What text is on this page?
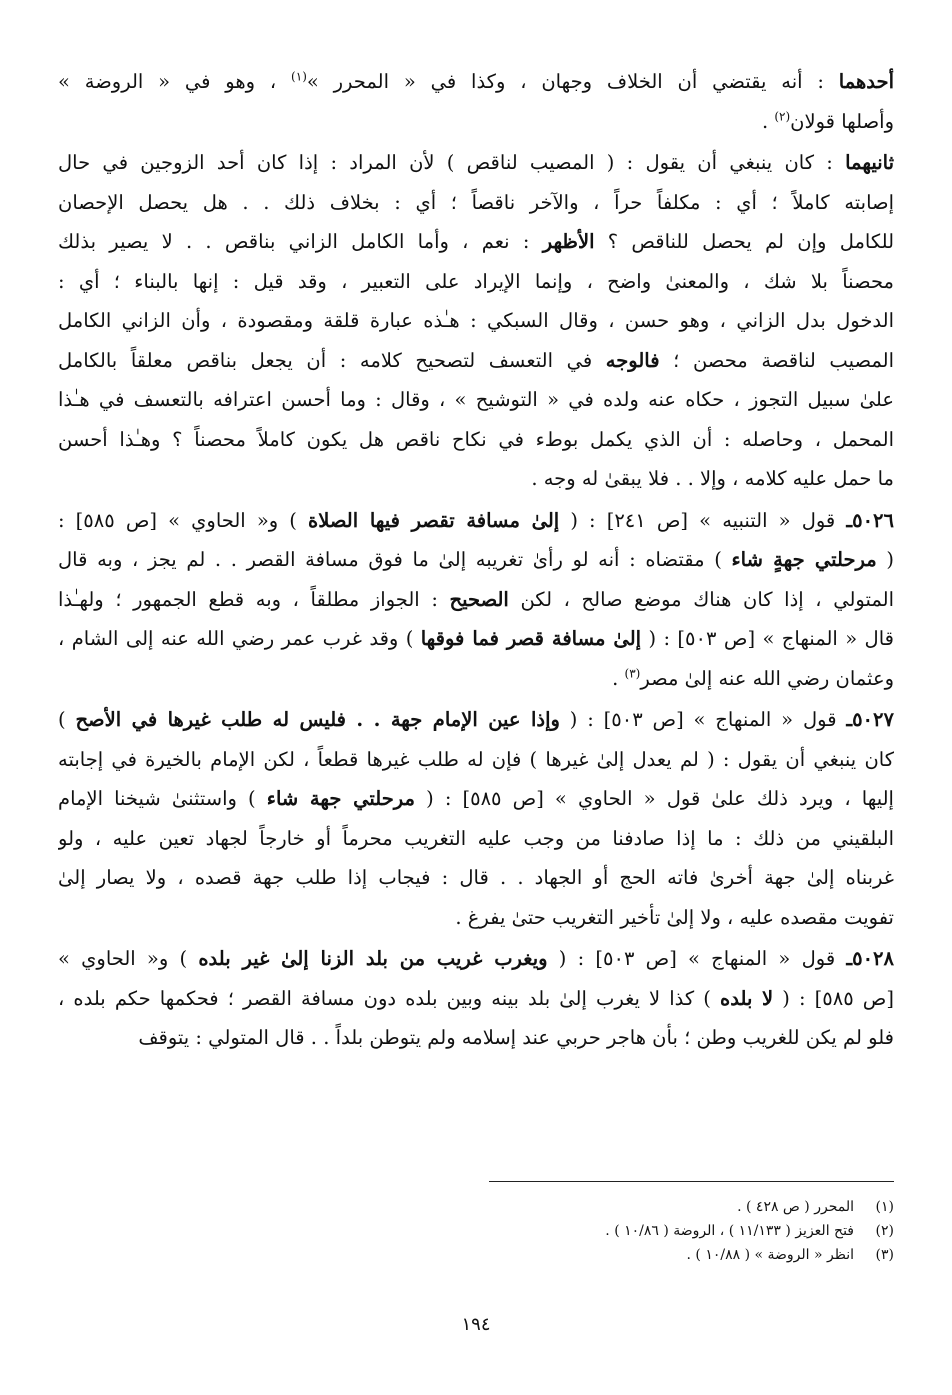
أحدهما : أنه يقتضي أن الخلاف وجهان ، وكذا في « المحرر »$^{(١)}$ ، وهو في « الروضة »
وأصلها قولان$^{(٢)}$ .
ثانيهما : كان ينبغي أن يقول : ( المصيب لناقص ) لأن المراد : إذا كان أحد الزوجين في حال
إصابته كاملاً ؛ أي : مكلفاً حراً ، والآخر ناقصاً ؛ أي : بخلاف ذلك . . هل يحصل الإحصان
للكامل وإن لم يحصل للناقص ؟ الأظهر : نعم ، وأما الكامل الزاني بناقص . . لا يصير بذلك
محصناً بلا شك ، والمعنىٰ واضح ، وإنما الإيراد على التعبير ، وقد قيل : إنها بالبناء ؛ أي :
الدخول بدل الزاني ، وهو حسن ، وقال السبكي : هـٰذه عبارة قلقة ومقصودة ، وأن الزاني الكامل
المصيب لناقصة محصن ؛ فالوجه في التعسف لتصحيح كلامه : أن يجعل بناقص معلقاً بالكامل
علىٰ سبيل التجوز ، حكاه عنه ولده في « التوشيح » ، وقال : وما أحسن اعترافه بالتعسف في هـٰذا
المحمل ، وحاصله : أن الذي يكمل بوطء في نكاح ناقص هل يكون كاملاً محصناً ؟ وهـٰذا أحسن
ما حمل عليه كلامه ، وإلا . . فلا يبقىٰ له وجه .
٥٠٢٦ـ قول « التنبيه » [ص ٢٤١] : ( إلىٰ مسافة تقصر فيها الصلاة ) و« الحاوي » [ص ٥٨٥] :
( مرحلتي جهةٍ شاء ) مقتضاه : أنه لو رأىٰ تغريبه إلىٰ ما فوق مسافة القصر . . لم يجز ، وبه قال
المتولي ، إذا كان هناك موضع صالح ، لكن الصحيح : الجواز مطلقاً ، وبه قطع الجمهور ؛ ولهـٰذا
قال « المنهاج » [ص ٥٠٣] : ( إلىٰ مسافة قصر فما فوقها ) وقد غرب عمر رضي الله عنه إلى الشام ،
وعثمان رضي الله عنه إلىٰ مصر$^{(٣)}$ .
٥٠٢٧ـ قول « المنهاج » [ص ٥٠٣] : ( وإذا عين الإمام جهة . . فليس له طلب غيرها في الأصح )
كان ينبغي أن يقول : ( لم يعدل إلىٰ غيرها ) فإن له طلب غيرها قطعاً ، لكن الإمام بالخيرة في إجابته
إليها ، ويرد ذلك علىٰ قول « الحاوي » [ص ٥٨٥] : ( مرحلتي جهة شاء ) واستثنىٰ شيخنا الإمام
البلقيني من ذلك : ما إذا صادفنا من وجب عليه التغريب محرماً أو خارجاً لجهاد تعين عليه ، ولو
غربناه إلىٰ جهة أخرىٰ فاته الحج أو الجهاد . . قال : فيجاب إذا طلب جهة قصده ، ولا يصار إلىٰ
تفويت مقصده عليه ، ولا إلىٰ تأخير التغريب حتىٰ يفرغ .
٥٠٢٨ـ قول « المنهاج » [ص ٥٠٣] : ( ويغرب غريب من بلد الزنا إلىٰ غير بلده ) و« الحاوي »
[ص ٥٨٥] : ( لا بلده ) كذا لا يغرب إلىٰ بلد بينه وبين بلده دون مسافة القصر ؛ فحكمها حكم بلده ،
فلو لم يكن للغريب وطن ؛ بأن هاجر حربي عند إسلامه ولم يتوطن بلداً . . قال المتولي : يتوقف
(١)المحرر ( ص ٤٢٨ ) .
(٢)فتح العزيز ( ١١/١٣٣ ) ، الروضة ( ١٠/٨٦ ) .
(٣)انظر « الروضة » ( ١٠/٨٨ ) .
١٩٤
